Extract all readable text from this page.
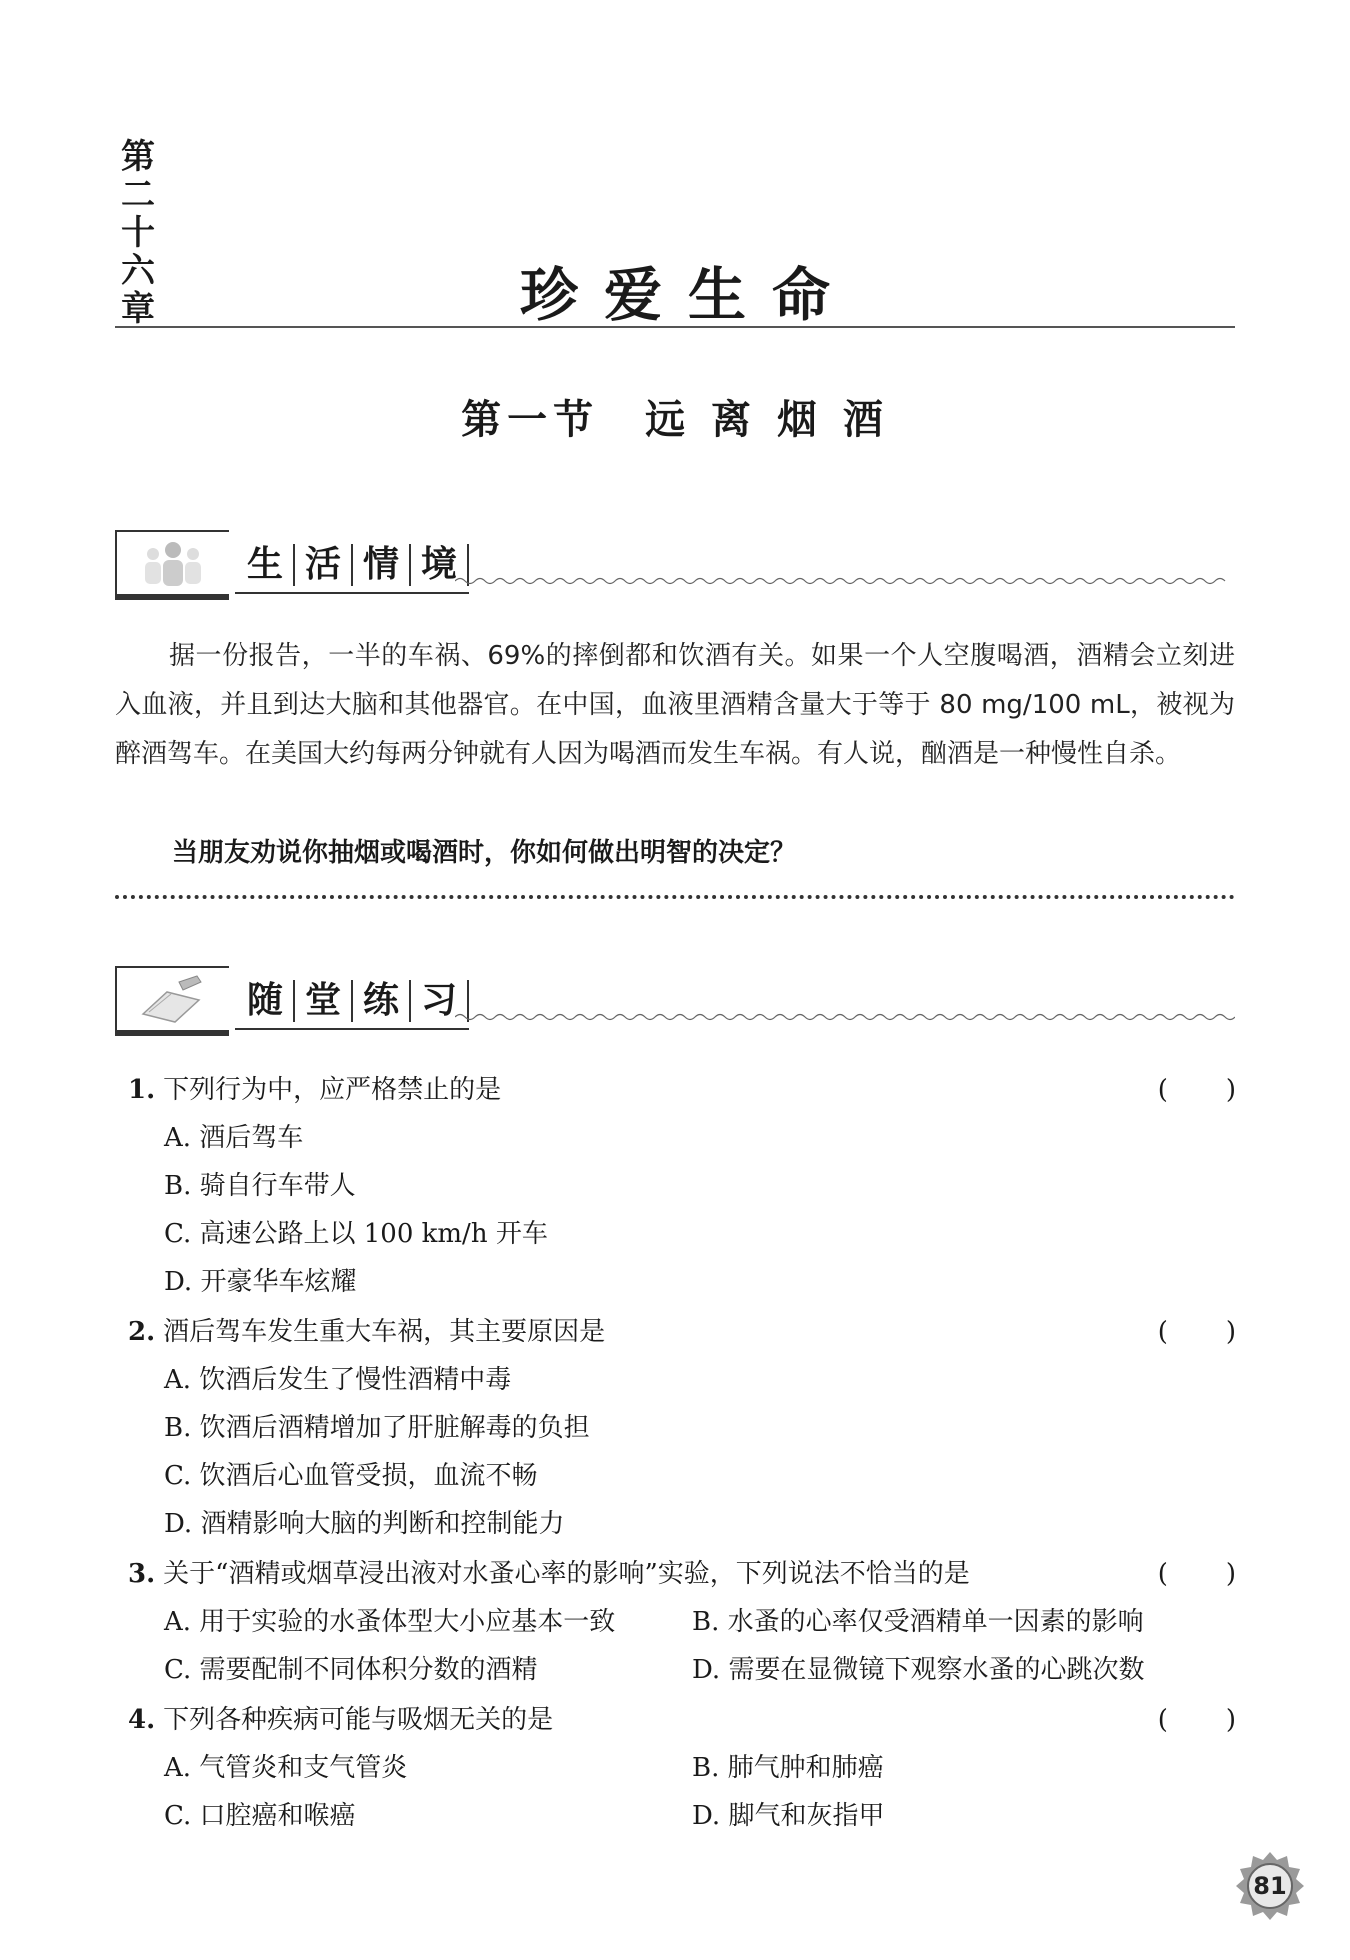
第
二
十
六
章	珍爱生命
第一节　远 离 烟 酒
生 活 情 境
据一份报告，一半的车祸、69%的摔倒都和饮酒有关。如果一个人空腹喝酒，酒精会立刻进入血液，并且到达大脑和其他器官。在中国，血液里酒精含量大于等于 80 mg/100 mL，被视为醉酒驾车。在美国大约每两分钟就有人因为喝酒而发生车祸。有人说，酗酒是一种慢性自杀。
当朋友劝说你抽烟或喝酒时，你如何做出明智的决定？
随 堂 练 习
1. 下列行为中，应严格禁止的是	(　　)
A. 酒后驾车
B. 骑自行车带人
C. 高速公路上以 100 km/h 开车
D. 开豪华车炫耀
2. 酒后驾车发生重大车祸，其主要原因是	(　　)
A. 饮酒后发生了慢性酒精中毒
B. 饮酒后酒精增加了肝脏解毒的负担
C. 饮酒后心血管受损，血流不畅
D. 酒精影响大脑的判断和控制能力
3. 关于“酒精或烟草浸出液对水蚤心率的影响”实验，下列说法不恰当的是	(　　)
A. 用于实验的水蚤体型大小应基本一致	B. 水蚤的心率仅受酒精单一因素的影响
C. 需要配制不同体积分数的酒精	D. 需要在显微镜下观察水蚤的心跳次数
4. 下列各种疾病可能与吸烟无关的是	(　　)
A. 气管炎和支气管炎	B. 肺气肿和肺癌
C. 口腔癌和喉癌	D. 脚气和灰指甲
81
